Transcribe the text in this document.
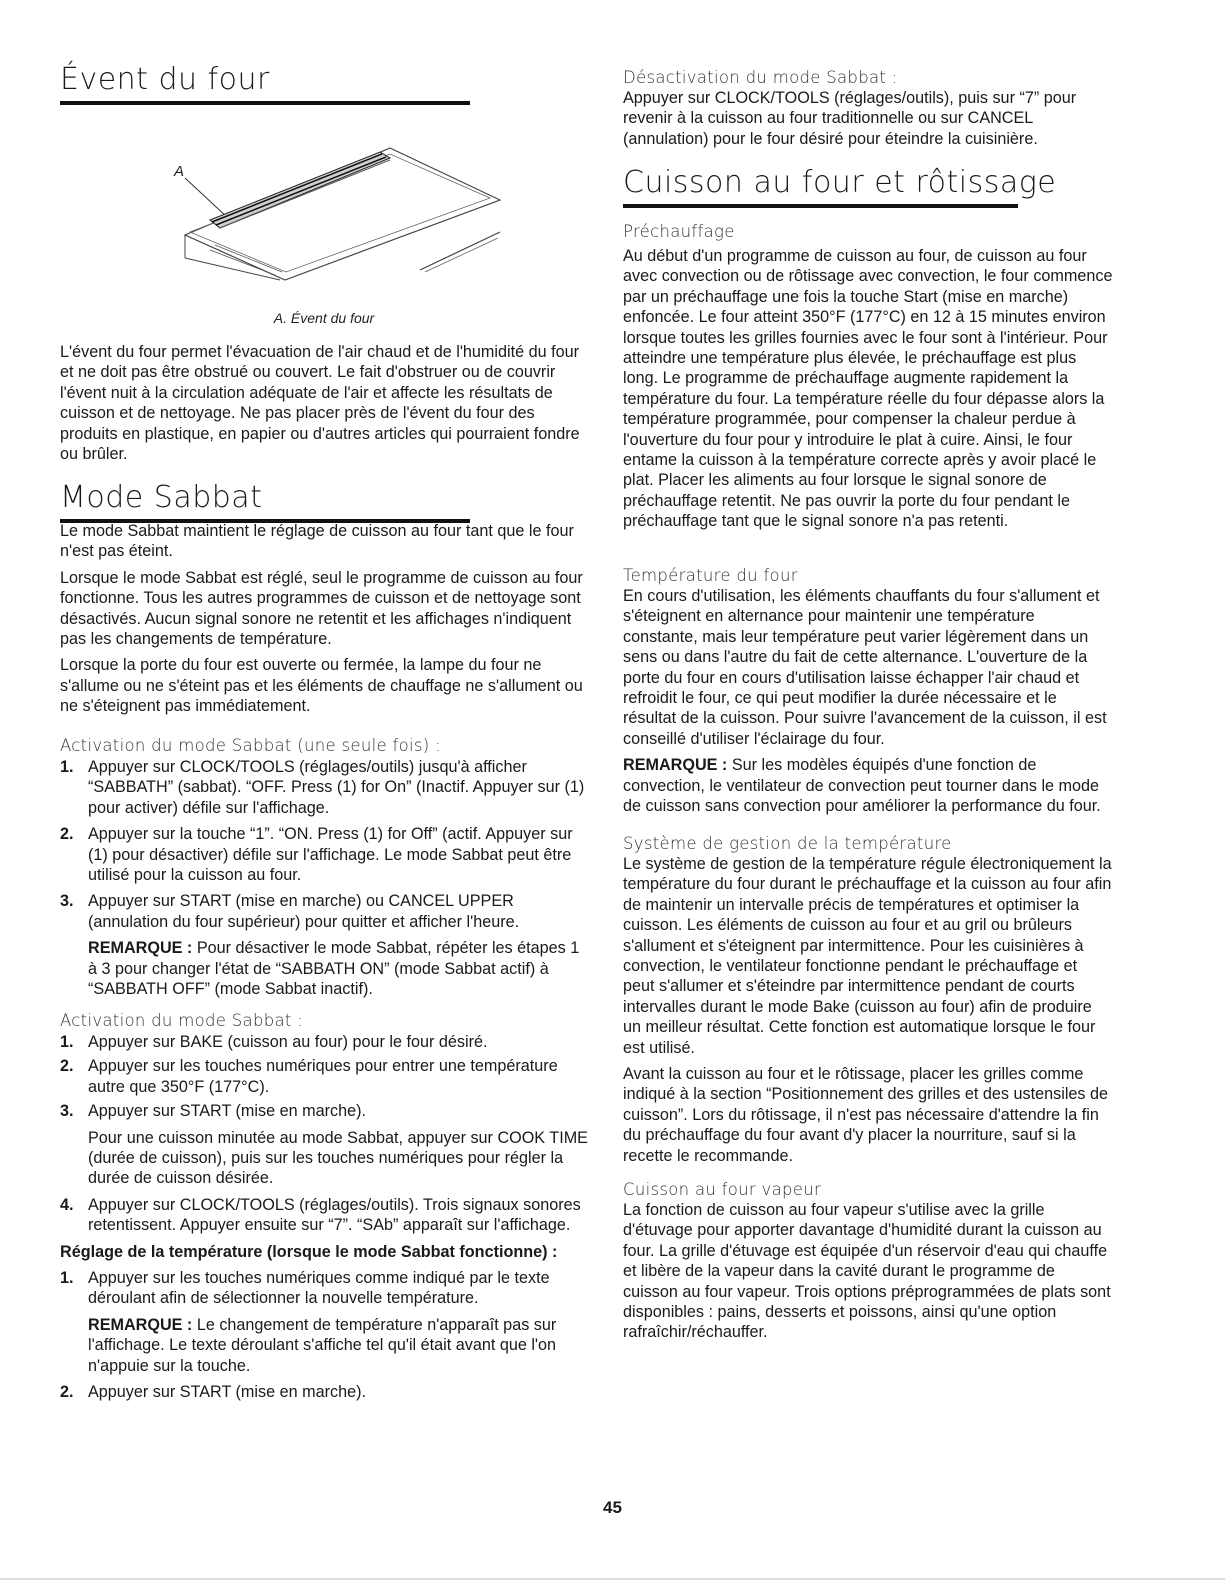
Évent du four
A
A. Évent du four

L'évent du four permet l'évacuation de l'air chaud et de l'humidité du four et ne doit pas être obstrué ou couvert. Le fait d'obstruer ou de couvrir l'évent nuit à la circulation adéquate de l'air et affecte les résultats de cuisson et de nettoyage. Ne pas placer près de l'évent du four des produits en plastique, en papier ou d'autres articles qui pourraient fondre ou brûler.

Mode Sabbat

Le mode Sabbat maintient le réglage de cuisson au four tant que le four n'est pas éteint.

Lorsque le mode Sabbat est réglé, seul le programme de cuisson au four fonctionne. Tous les autres programmes de cuisson et de nettoyage sont désactivés. Aucun signal sonore ne retentit et les affichages n'indiquent pas les changements de température.

Lorsque la porte du four est ouverte ou fermée, la lampe du four ne s'allume ou ne s'éteint pas et les éléments de chauffage ne s'allument ou ne s'éteignent pas immédiatement.

Activation du mode Sabbat (une seule fois) :
1. Appuyer sur CLOCK/TOOLS (réglages/outils) jusqu'à afficher “SABBATH” (sabbat). “OFF. Press (1) for On” (Inactif. Appuyer sur (1) pour activer) défile sur l'affichage.
2. Appuyer sur la touche “1”. “ON. Press (1) for Off” (actif. Appuyer sur (1) pour désactiver) défile sur l'affichage. Le mode Sabbat peut être utilisé pour la cuisson au four.
3. Appuyer sur START (mise en marche) ou CANCEL UPPER (annulation du four supérieur) pour quitter et afficher l'heure.

REMARQUE : Pour désactiver le mode Sabbat, répéter les étapes 1 à 3 pour changer l'état de “SABBATH ON” (mode Sabbat actif) à “SABBATH OFF” (mode Sabbat inactif).

Activation du mode Sabbat :
1. Appuyer sur BAKE (cuisson au four) pour le four désiré.
2. Appuyer sur les touches numériques pour entrer une température autre que 350°F (177°C).
3. Appuyer sur START (mise en marche).

Pour une cuisson minutée au mode Sabbat, appuyer sur COOK TIME (durée de cuisson), puis sur les touches numériques pour régler la durée de cuisson désirée.

4. Appuyer sur CLOCK/TOOLS (réglages/outils). Trois signaux sonores retentissent. Appuyer ensuite sur “7”. “SAb” apparaît sur l'affichage.

Réglage de la température (lorsque le mode Sabbat fonctionne) :

1. Appuyer sur les touches numériques comme indiqué par le texte déroulant afin de sélectionner la nouvelle température.

REMARQUE : Le changement de température n'apparaît pas sur l'affichage. Le texte déroulant s'affiche tel qu'il était avant que l'on n'appuie sur la touche.

2. Appuyer sur START (mise en marche).
Désactivation du mode Sabbat :

Appuyer sur CLOCK/TOOLS (réglages/outils), puis sur “7” pour revenir à la cuisson au four traditionnelle ou sur CANCEL (annulation) pour le four désiré pour éteindre la cuisinière.

Cuisson au four et rôtissage
Préchauffage

Au début d'un programme de cuisson au four, de cuisson au four avec convection ou de rôtissage avec convection, le four commence par un préchauffage une fois la touche Start (mise en marche) enfoncée. Le four atteint 350°F (177°C) en 12 à 15 minutes environ lorsque toutes les grilles fournies avec le four sont à l'intérieur. Pour atteindre une température plus élevée, le préchauffage est plus long. Le programme de préchauffage augmente rapidement la température du four. La température réelle du four dépasse alors la température programmée, pour compenser la chaleur perdue à l'ouverture du four pour y introduire le plat à cuire. Ainsi, le four entame la cuisson à la température correcte après y avoir placé le plat. Placer les aliments au four lorsque le signal sonore de préchauffage retentit. Ne pas ouvrir la porte du four pendant le préchauffage tant que le signal sonore n'a pas retenti.

Température du four

En cours d'utilisation, les éléments chauffants du four s'allument et s'éteignent en alternance pour maintenir une température constante, mais leur température peut varier légèrement dans un sens ou dans l'autre du fait de cette alternance. L'ouverture de la porte du four en cours d'utilisation laisse échapper l'air chaud et refroidit le four, ce qui peut modifier la durée nécessaire et le résultat de la cuisson. Pour suivre l'avancement de la cuisson, il est conseillé d'utiliser l'éclairage du four.

REMARQUE : Sur les modèles équipés d'une fonction de convection, le ventilateur de convection peut tourner dans le mode de cuisson sans convection pour améliorer la performance du four.

Système de gestion de la température

Le système de gestion de la température régule électroniquement la température du four durant le préchauffage et la cuisson au four afin de maintenir un intervalle précis de températures et optimiser la cuisson. Les éléments de cuisson au four et au gril ou brûleurs s'allument et s'éteignent par intermittence. Pour les cuisinières à convection, le ventilateur fonctionne pendant le préchauffage et peut s'allumer et s'éteindre par intermittence pendant de courts intervalles durant le mode Bake (cuisson au four) afin de produire un meilleur résultat. Cette fonction est automatique lorsque le four est utilisé.

Avant la cuisson au four et le rôtissage, placer les grilles comme indiqué à la section “Positionnement des grilles et des ustensiles de cuisson”. Lors du rôtissage, il n'est pas nécessaire d'attendre la fin du préchauffage du four avant d'y placer la nourriture, sauf si la recette le recommande.

Cuisson au four vapeur

La fonction de cuisson au four vapeur s'utilise avec la grille d'étuvage pour apporter davantage d'humidité durant la cuisson au four. La grille d'étuvage est équipée d'un réservoir d'eau qui chauffe et libère de la vapeur dans la cavité durant le programme de cuisson au four vapeur. Trois options préprogrammées de plats sont disponibles : pains, desserts et poissons, ainsi qu'une option rafraîchir/réchauffer.

45
